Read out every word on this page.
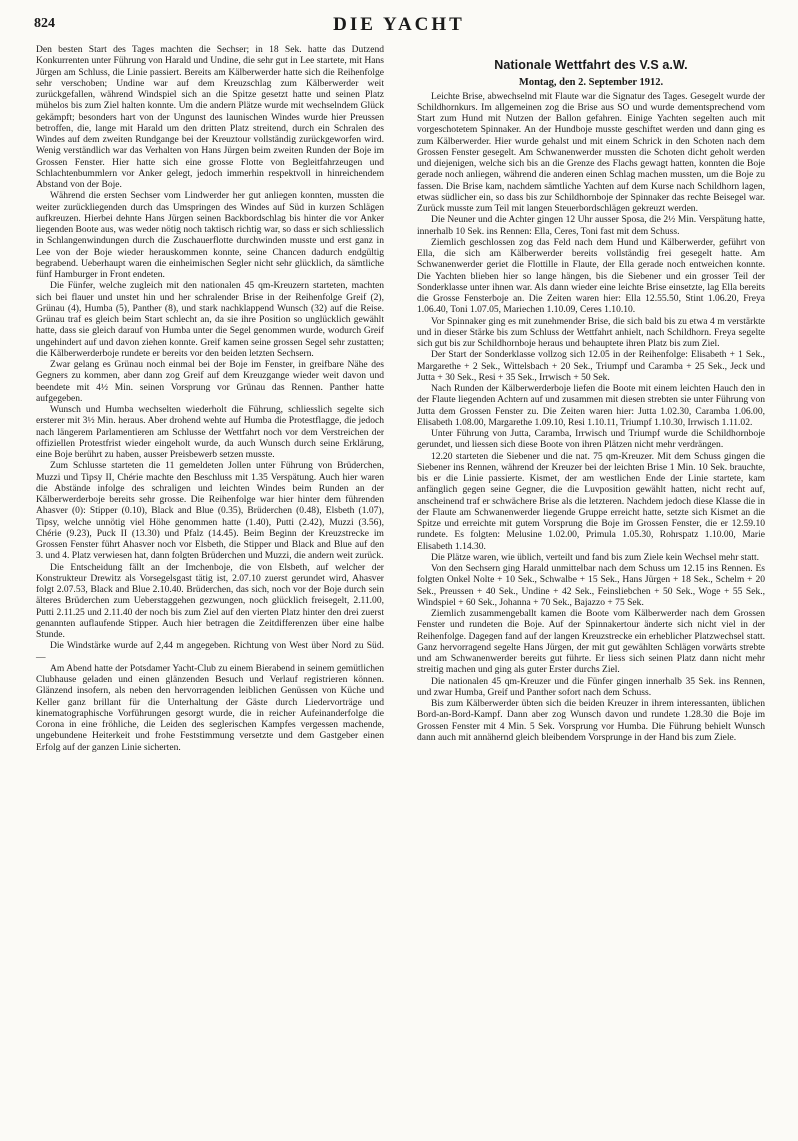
824	DIE YACHT

Den besten Start des Tages machten die Sechser; in 18 Sek. hatte das Dutzend Konkurrenten unter Führung von Harald und Undine, die sehr gut in Lee startete, mit Hans Jürgen am Schluss, die Linie passiert. Bereits am Kälberwerder hatte sich die Reihenfolge sehr verschoben; Undine war auf dem Kreuzschlag zum Kälberwerder weit zurückgefallen, während Windspiel sich an die Spitze gesetzt hatte und seinen Platz mühelos bis zum Ziel halten konnte. Um die andern Plätze wurde mit wechselndem Glück gekämpft; besonders hart von der Ungunst des launischen Windes wurde hier Preussen betroffen, die, lange mit Harald um den dritten Platz streitend, durch ein Schralen des Windes auf dem zweiten Rundgange bei der Kreuztour vollständig zurückgeworfen wird. Wenig verständlich war das Verhalten von Hans Jürgen beim zweiten Runden der Boje im Grossen Fenster. Hier hatte sich eine grosse Flotte von Begleitfahrzeugen und Schlachtenbummlern vor Anker gelegt, jedoch immerhin respektvoll in hinreichendem Abstand von der Boje.

Während die ersten Sechser vom Lindwerder her gut anliegen konnten, mussten die weiter zurückliegenden durch das Umspringen des Windes auf Süd in kurzen Schlägen aufkreuzen. Hierbei dehnte Hans Jürgen seinen Backbordschlag bis hinter die vor Anker liegenden Boote aus, was weder nötig noch taktisch richtig war, so dass er sich schliesslich in Schlangenwindungen durch die Zuschauerflotte durchwinden musste und erst ganz in Lee von der Boje wieder herauskommen konnte, seine Chancen dadurch endgültig begrabend. Ueberhaupt waren die einheimischen Segler nicht sehr glücklich, da sämtliche fünf Hamburger in Front endeten.

Die Fünfer, welche zugleich mit den nationalen 45 qm-Kreuzern starteten, machten sich bei flauer und unstet hin und her schralender Brise in der Reihenfolge Greif (2), Grünau (4), Humba (5), Panther (8), und stark nachklappend Wunsch (32) auf die Reise. Grünau traf es gleich beim Start schlecht an, da sie ihre Position so unglücklich gewählt hatte, dass sie gleich darauf von Humba unter die Segel genommen wurde, wodurch Greif ungehindert auf und davon ziehen konnte. Greif kamen seine grossen Segel sehr zustatten; die Kälberwerderboje rundete er bereits vor den beiden letzten Sechsern.

Zwar gelang es Grünau noch einmal bei der Boje im Fenster, in greifbare Nähe des Gegners zu kommen, aber dann zog Greif auf dem Kreuzgange wieder weit davon und beendete mit 4½ Min. seinen Vorsprung vor Grünau das Rennen. Panther hatte aufgegeben.

Wunsch und Humba wechselten wiederholt die Führung, schliesslich segelte sich ersterer mit 3½ Min. heraus. Aber drohend wehte auf Humba die Protestflagge, die jedoch nach längerem Parlamentieren am Schlusse der Wettfahrt noch vor dem Verstreichen der offiziellen Protestfrist wieder eingeholt wurde, da auch Wunsch durch seine Erklärung, eine Boje berührt zu haben, ausser Preisbewerb setzen musste.

Zum Schlusse starteten die 11 gemeldeten Jollen unter Führung von Brüderchen, Muzzi und Tipsy II, Chérie machte den Beschluss mit 1.35 Verspätung. Auch hier waren die Abstände infolge des schraligen und leichten Windes beim Runden an der Kälberwerderboje bereits sehr grosse. Die Reihenfolge war hier hinter dem führenden Ahasver (0): Stipper (0.10), Black and Blue (0.35), Brüderchen (0.48), Elsbeth (1.07), Tipsy, welche unnötig viel Höhe genommen hatte (1.40), Putti (2.42), Muzzi (3.56), Chérie (9.23), Puck II (13.30) und Pfalz (14.45). Beim Beginn der Kreuzstrecke im Grossen Fenster führt Ahasver noch vor Elsbeth, die Stipper und Black and Blue auf den 3. und 4. Platz verwiesen hat, dann folgten Brüderchen und Muzzi, die andern weit zurück.

Die Entscheidung fällt an der Imchenboje, die von Elsbeth, auf welcher der Konstrukteur Drewitz als Vorsegelsgast tätig ist, 2.07.10 zuerst gerundet wird, Ahasver folgt 2.07.53, Black and Blue 2.10.40. Brüderchen, das sich, noch vor der Boje durch sein älteres Brüderchen zum Ueberstaggehen gezwungen, noch glücklich freisegelt, 2.11.00, Putti 2.11.25 und 2.11.40 der noch bis zum Ziel auf den vierten Platz hinter den drei zuerst genannten auflaufende Stipper. Auch hier betragen die Zeitdifferenzen über eine halbe Stunde.

Die Windstärke wurde auf 2,44 m angegeben. Richtung von West über Nord zu Süd. —

Am Abend hatte der Potsdamer Yacht-Club zu einem Bierabend in seinem gemütlichen Clubhause geladen und einen glänzenden Besuch und Verlauf registrieren können. Glänzend insofern, als neben den hervorragenden leiblichen Genüssen von Küche und Keller ganz brillant für die Unterhaltung der Gäste durch Liedervorträge und kinematographische Vorführungen gesorgt wurde, die in reicher Aufeinanderfolge die Corona in eine fröhliche, die Leiden des seglerischen Kampfes vergessen machende, ungebundene Heiterkeit und frohe Feststimmung versetzte und dem Gastgeber einen Erfolg auf der ganzen Linie sicherten.

Nationale Wettfahrt des V.S a.W.
Montag, den 2. September 1912.

Leichte Brise, abwechselnd mit Flaute war die Signatur des Tages. Gesegelt wurde der Schildhornkurs. Im allgemeinen zog die Brise aus SO und wurde dementsprechend vom Start zum Hund mit Nutzen der Ballon gefahren. Einige Yachten segelten auch mit vorgeschotetem Spinnaker. An der Hundboje musste geschiftet werden und dann ging es zum Kälberwerder. Hier wurde gehalst und mit einem Schrick in den Schoten nach dem Grossen Fenster gesegelt. Am Schwanenwerder mussten die Schoten dicht geholt werden und diejenigen, welche sich bis an die Grenze des Flachs gewagt hatten, konnten die Boje gerade noch anliegen, während die anderen einen Schlag machen mussten, um die Boje zu fassen. Die Brise kam, nachdem sämtliche Yachten auf dem Kurse nach Schildhorn lagen, etwas südlicher ein, so dass bis zur Schildhornboje der Spinnaker das rechte Beisegel war. Zurück musste zum Teil mit langen Steuerbordschlägen gekreuzt werden.

Die Neuner und die Achter gingen 12 Uhr ausser Sposa, die 2½ Min. Verspätung hatte, innerhalb 10 Sek. ins Rennen: Ella, Ceres, Toni fast mit dem Schuss.

Ziemlich geschlossen zog das Feld nach dem Hund und Kälberwerder, geführt von Ella, die sich am Kälberwerder bereits vollständig frei gesegelt hatte. Am Schwanenwerder geriet die Flottille in Flaute, der Ella gerade noch entweichen konnte. Die Yachten blieben hier so lange hängen, bis die Siebener und ein grosser Teil der Sonderklasse unter ihnen war. Als dann wieder eine leichte Brise einsetzte, lag Ella bereits die Grosse Fensterboje an. Die Zeiten waren hier: Ella 12.55.50, Stint 1.06.20, Freya 1.06.40, Toni 1.07.05, Mariechen 1.10.09, Ceres 1.10.10.

Vor Spinnaker ging es mit zunehmender Brise, die sich bald bis zu etwa 4 m verstärkte und in dieser Stärke bis zum Schluss der Wettfahrt anhielt, nach Schildhorn. Freya segelte sich gut bis zur Schildhornboje heraus und behauptete ihren Platz bis zum Ziel.

Der Start der Sonderklasse vollzog sich 12.05 in der Reihenfolge: Elisabeth + 1 Sek., Margarethe + 2 Sek., Wittelsbach + 20 Sek., Triumpf und Caramba + 25 Sek., Jeck und Jutta + 30 Sek., Resi + 35 Sek., Irrwisch + 50 Sek.

Nach Runden der Kälberwerderboje liefen die Boote mit einem leichten Hauch den in der Flaute liegenden Achtern auf und zusammen mit diesen strebten sie unter Führung von Jutta dem Grossen Fenster zu. Die Zeiten waren hier: Jutta 1.02.30, Caramba 1.06.00, Elisabeth 1.08.00, Margarethe 1.09.10, Resi 1.10.11, Triumpf 1.10.30, Irrwisch 1.11.02.

Unter Führung von Jutta, Caramba, Irrwisch und Triumpf wurde die Schildhornboje gerundet, und liessen sich diese Boote von ihren Plätzen nicht mehr verdrängen.

12.20 starteten die Siebener und die nat. 75 qm-Kreuzer. Mit dem Schuss gingen die Siebener ins Rennen, während der Kreuzer bei der leichten Brise 1 Min. 10 Sek. brauchte, bis er die Linie passierte. Kismet, der am westlichen Ende der Linie startete, kam anfänglich gegen seine Gegner, die die Luvposition gewählt hatten, nicht recht auf, anscheinend traf er schwächere Brise als die letzteren. Nachdem jedoch diese Klasse die in der Flaute am Schwanenwerder liegende Gruppe erreicht hatte, setzte sich Kismet an die Spitze und erreichte mit gutem Vorsprung die Boje im Grossen Fenster, die er 12.59.10 rundete. Es folgten: Melusine 1.02.00, Primula 1.05.30, Rohrspatz 1.10.00, Marie Elisabeth 1.14.30.

Die Plätze waren, wie üblich, verteilt und fand bis zum Ziele kein Wechsel mehr statt.

Von den Sechsern ging Harald unmittelbar nach dem Schuss um 12.15 ins Rennen. Es folgten Onkel Nolte + 10 Sek., Schwalbe + 15 Sek., Hans Jürgen + 18 Sek., Schelm + 20 Sek., Preussen + 40 Sek., Undine + 42 Sek., Feinsliebchen + 50 Sek., Woge + 55 Sek., Windspiel + 60 Sek., Johanna + 70 Sek., Bajazzo + 75 Sek.

Ziemlich zusammengeballt kamen die Boote vom Kälberwerder nach dem Grossen Fenster und rundeten die Boje. Auf der Spinnakertour änderte sich nicht viel in der Reihenfolge. Dagegen fand auf der langen Kreuzstrecke ein erheblicher Platzwechsel statt. Ganz hervorragend segelte Hans Jürgen, der mit gut gewählten Schlägen vorwärts strebte und am Schwanenwerder bereits gut führte. Er liess sich seinen Platz dann nicht mehr streitig machen und ging als guter Erster durchs Ziel.

Die nationalen 45 qm-Kreuzer und die Fünfer gingen innerhalb 35 Sek. ins Rennen, und zwar Humba, Greif und Panther sofort nach dem Schuss.

Bis zum Kälberwerder übten sich die beiden Kreuzer in ihrem interessanten, üblichen Bord-an-Bord-Kampf. Dann aber zog Wunsch davon und rundete 1.28.30 die Boje im Grossen Fenster mit 4 Min. 5 Sek. Vorsprung vor Humba. Die Führung behielt Wunsch dann auch mit annähernd gleich bleibendem Vorsprunge in der Hand bis zum Ziele.
